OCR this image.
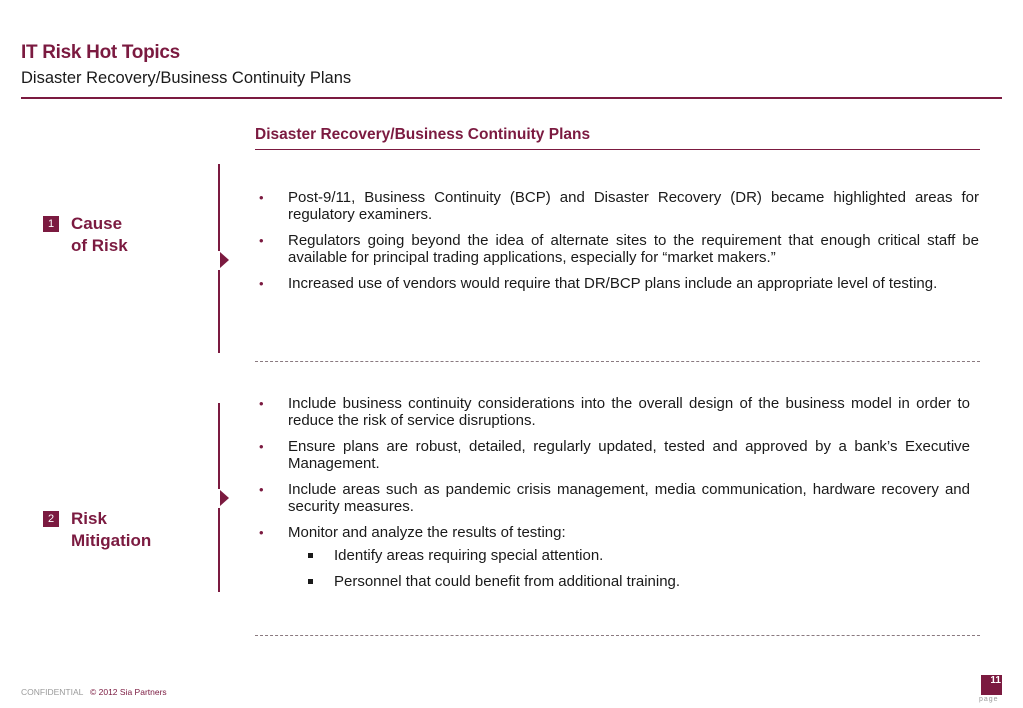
IT Risk Hot Topics
Disaster Recovery/Business Continuity Plans
Disaster Recovery/Business Continuity Plans
1 Cause
of Risk
• Post-9/11, Business Continuity (BCP) and Disaster Recovery (DR) became highlighted areas for regulatory examiners.
• Regulators going beyond the idea of alternate sites to the requirement that enough critical staff be available for principal trading applications, especially for “market makers.”
• Increased use of vendors would require that DR/BCP plans include an appropriate level of testing.
2 Risk
Mitigation
• Include business continuity considerations into the overall design of the business model in order to reduce the risk of service disruptions.
• Ensure plans are robust, detailed, regularly updated, tested and approved by a bank’s Executive Management.
• Include areas such as pandemic crisis management, media communication, hardware recovery and security measures.
• Monitor and analyze the results of testing:
Identify areas requiring special attention.
Personnel that could benefit from additional training.
CONFIDENTIAL © 2012 Sia Partners
11
page
